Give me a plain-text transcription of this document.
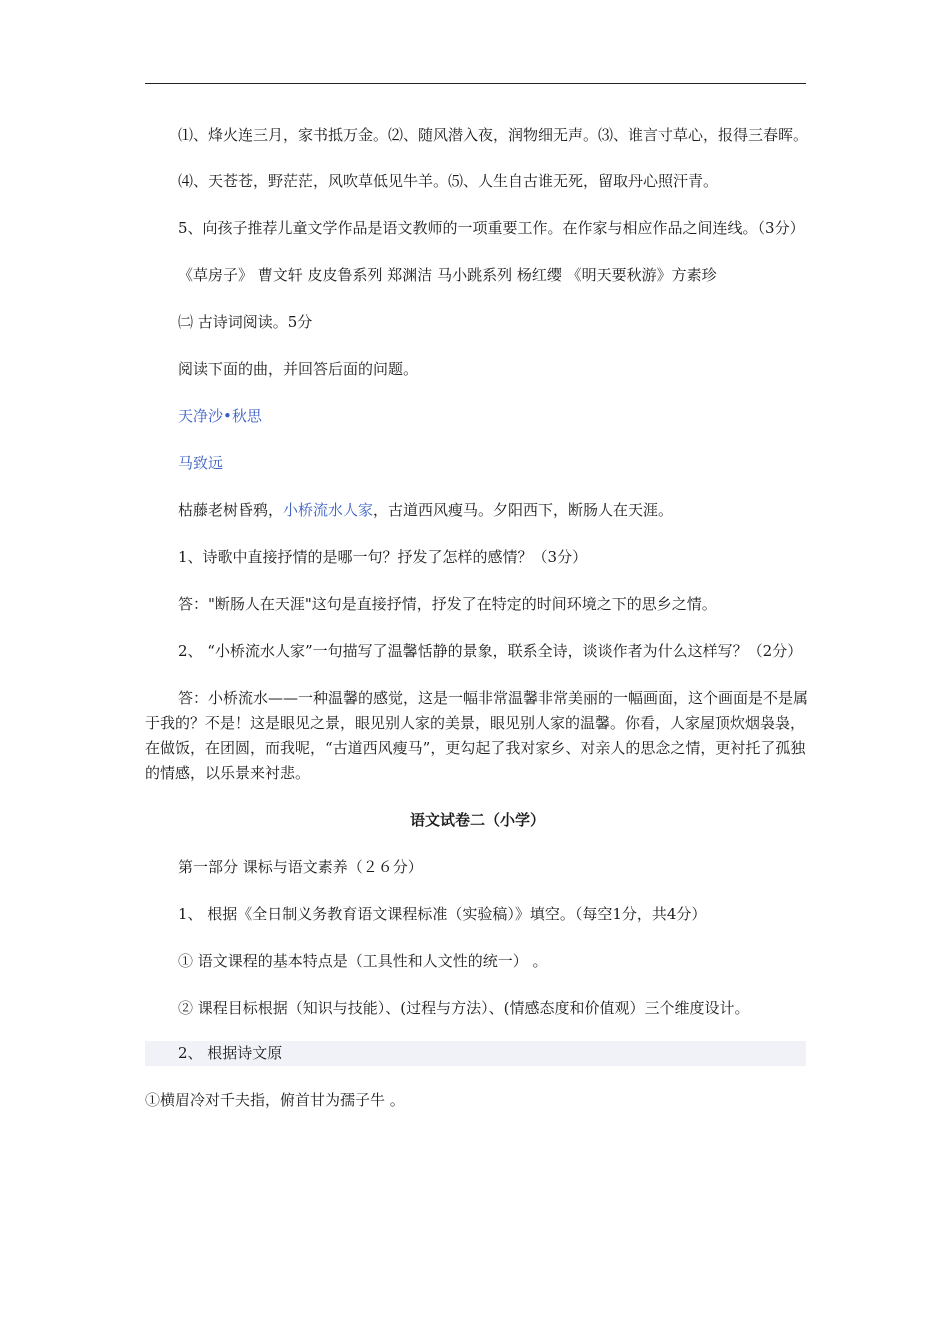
⑴、烽火连三月，家书抵万金。⑵、随风潜入夜，润物细无声。⑶、谁言寸草心，报得三春晖。

⑷、天苍苍，野茫茫，风吹草低见牛羊。⑸、人生自古谁无死，留取丹心照汗青。

5、向孩子推荐儿童文学作品是语文教师的一项重要工作。在作家与相应作品之间连线。（3分）

《草房子》 曹文轩 皮皮鲁系列 郑渊洁 马小跳系列 杨红缨 《明天要秋游》方素珍

㈡ 古诗词阅读。5分

阅读下面的曲，并回答后面的问题。

天净沙•秋思

马致远

枯藤老树昏鸦，小桥流水人家，古道西风瘦马。夕阳西下，断肠人在天涯。

1、诗歌中直接抒情的是哪一句？抒发了怎样的感情？（3分）

答："断肠人在天涯"这句是直接抒情，抒发了在特定的时间环境之下的思乡之情。

2、 “小桥流水人家”一句描写了温馨恬静的景象，联系全诗，谈谈作者为什么这样写？（2分）

答：小桥流水——一种温馨的感觉，这是一幅非常温馨非常美丽的一幅画面，这个画面是不是属于我的？不是！这是眼见之景，眼见别人家的美景，眼见别人家的温馨。你看，人家屋顶炊烟袅袅，在做饭，在团圆，而我呢，“古道西风瘦马”，更勾起了我对家乡、对亲人的思念之情，更衬托了孤独的情感，以乐景来衬悲。

语文试卷二（小学）

第一部分 课标与语文素养（２６分）

1、 根据《全日制义务教育语文课程标准（实验稿）》填空。（每空1分，共4分）

① 语文课程的基本特点是（工具性和人文性的统一） 。

② 课程目标根据（知识与技能）、(过程与方法）、(情感态度和价值观）三个维度设计。

2、 根据诗文原

①横眉冷对千夫指，俯首甘为孺子牛 。
